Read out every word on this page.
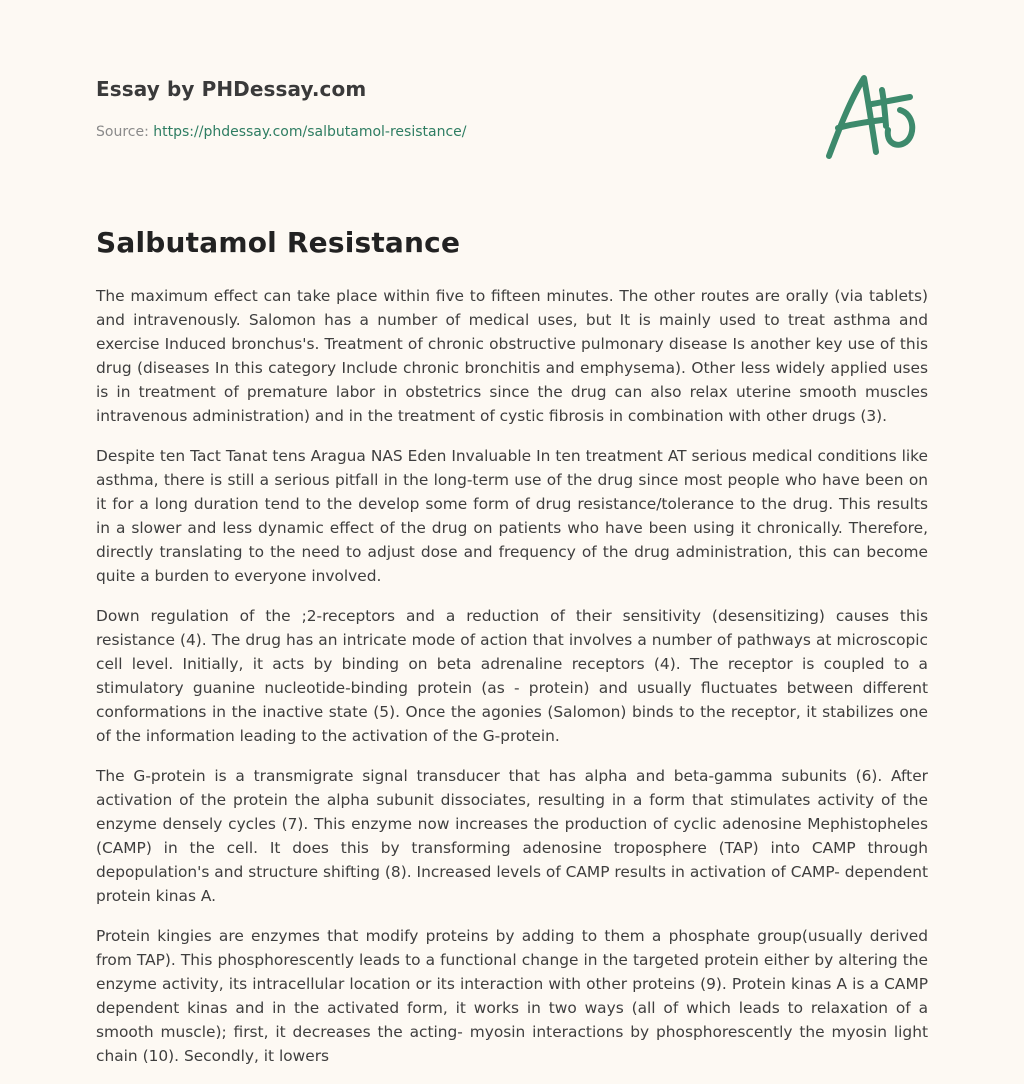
Essay by PHDessay.com
Source: https://phdessay.com/salbutamol-resistance/
Salbutamol Resistance

The maximum effect can take place within five to fifteen minutes. The other routes are orally (via tablets) and intravenously. Salomon has a number of medical uses, but It is mainly used to treat asthma and exercise Induced bronchus's. Treatment of chronic obstructive pulmonary disease Is another key use of this drug (diseases In this category Include chronic bronchitis and emphysema). Other less widely applied uses is in treatment of premature labor in obstetrics since the drug can also relax uterine smooth muscles intravenous administration) and in the treatment of cystic fibrosis in combination with other drugs (3).

Despite ten Tact Tanat tens Aragua NAS Eden Invaluable In ten treatment AT serious medical conditions like asthma, there is still a serious pitfall in the long-term use of the drug since most people who have been on it for a long duration tend to the develop some form of drug resistance/tolerance to the drug. This results in a slower and less dynamic effect of the drug on patients who have been using it chronically. Therefore, directly translating to the need to adjust dose and frequency of the drug administration, this can become quite a burden to everyone involved.

Down regulation of the ;2-receptors and a reduction of their sensitivity (desensitizing) causes this resistance (4). The drug has an intricate mode of action that involves a number of pathways at microscopic cell level. Initially, it acts by binding on beta adrenaline receptors (4). The receptor is coupled to a stimulatory guanine nucleotide-binding protein (as - protein) and usually fluctuates between different conformations in the inactive state (5). Once the agonies (Salomon) binds to the receptor, it stabilizes one of the information leading to the activation of the G-protein.

The G-protein is a transmigrate signal transducer that has alpha and beta-gamma subunits (6). After activation of the protein the alpha subunit dissociates, resulting in a form that stimulates activity of the enzyme densely cycles (7). This enzyme now increases the production of cyclic adenosine Mephistopheles (CAMP) in the cell. It does this by transforming adenosine troposphere (TAP) into CAMP through depopulation's and structure shifting (8). Increased levels of CAMP results in activation of CAMP- dependent protein kinas A.

Protein kingies are enzymes that modify proteins by adding to them a phosphate group(usually derived from TAP). This phosphorescently leads to a functional change in the targeted protein either by altering the enzyme activity, its intracellular location or its interaction with other proteins (9). Protein kinas A is a CAMP dependent kinas and in the activated form, it works in two ways (all of which leads to relaxation of a smooth muscle); first, it decreases the acting- myosin interactions by phosphorescently the myosin light chain (10). Secondly, it lowers
